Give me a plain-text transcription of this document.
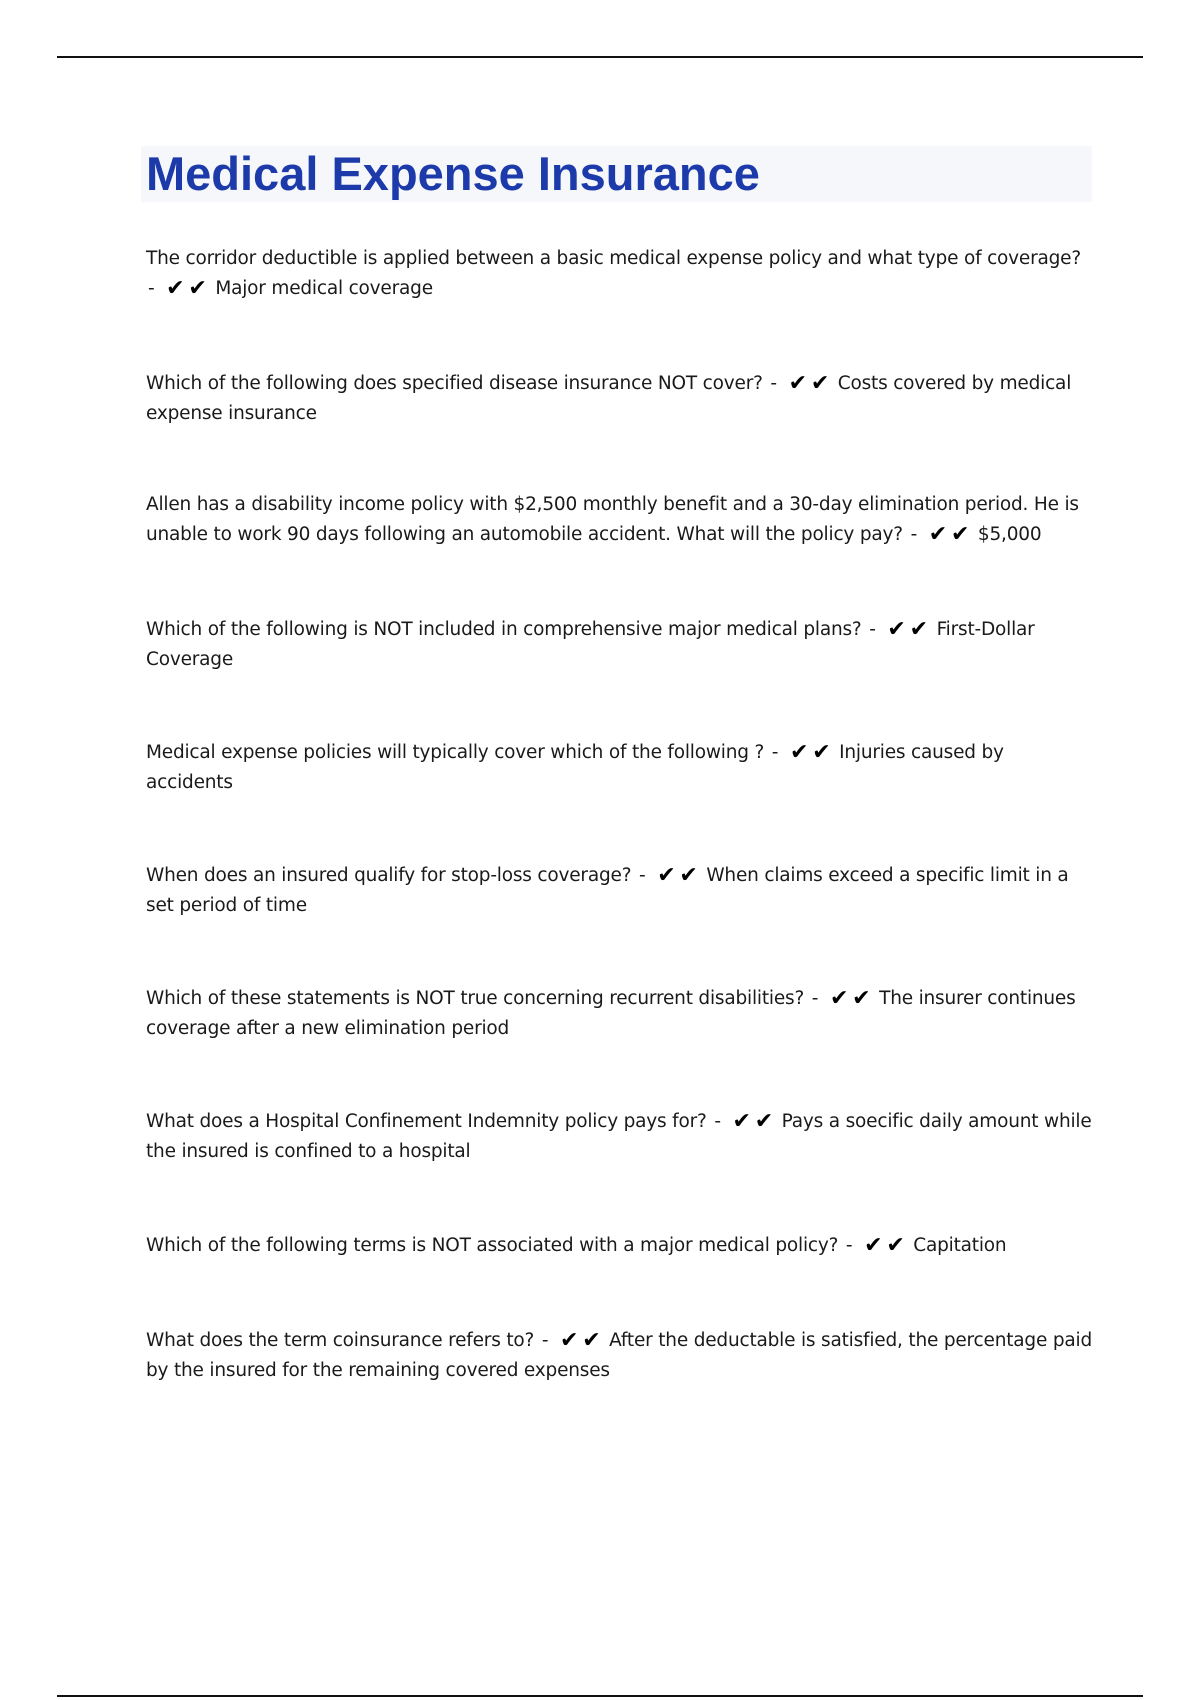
Medical Expense Insurance
The corridor deductible is applied between a basic medical expense policy and what type of coverage? - ✔ ✔ Major medical coverage
Which of the following does specified disease insurance NOT cover? - ✔ ✔ Costs covered by medical expense insurance
Allen has a disability income policy with $2,500 monthly benefit and a 30-day elimination period. He is unable to work 90 days following an automobile accident. What will the policy pay? - ✔ ✔ $5,000
Which of the following is NOT included in comprehensive major medical plans? - ✔ ✔ First-Dollar Coverage
Medical expense policies will typically cover which of the following ? - ✔ ✔ Injuries caused by accidents
When does an insured qualify for stop-loss coverage? - ✔ ✔ When claims exceed a specific limit in a set period of time
Which of these statements is NOT true concerning recurrent disabilities? - ✔ ✔ The insurer continues coverage after a new elimination period
What does a Hospital Confinement Indemnity policy pays for? - ✔ ✔ Pays a soecific daily amount while the insured is confined to a hospital
Which of the following terms is NOT associated with a major medical policy? - ✔ ✔ Capitation
What does the term coinsurance refers to? - ✔ ✔ After the deductable is satisfied, the percentage paid by the insured for the remaining covered expenses
